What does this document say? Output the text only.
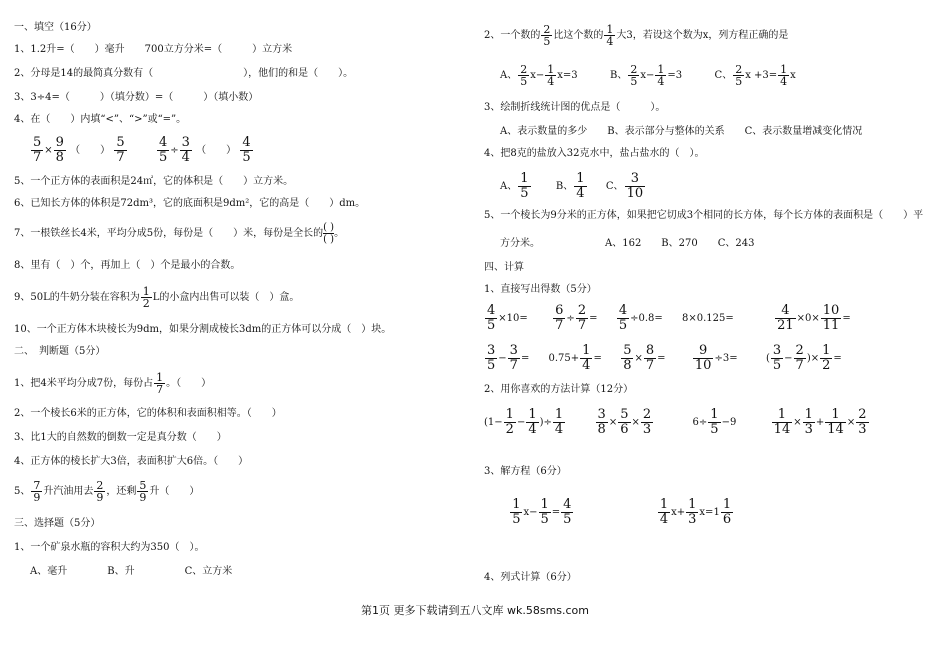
一、填空（16分）
1、1.2升=（　　）毫升　　700立方分米=（　　　）立方米
2、分母是14的最简真分数有（　　　　　　　　　），他们的和是（　　）。
3、3÷4=（　　　）（填分数）=（　　　）（填小数）
4、在（　　）内填“<”、“>”或“=”。
$\frac{5}{7} \times \frac{9}{8}$ （　　） $\frac{5}{7}$
$\frac{4}{5} \div \frac{3}{4}$ （　　） $\frac{4}{5}$
5、一个正方体的表面积是24㎡，它的体积是（　　）立方米。
6、已知长方体的体积是72dm³，它的底面积是9dm²，它的高是（　　）dm。
7、一根铁丝长4米，平均分成5份，每份是（　　）米，每份是全长的 $\frac{( )}{( )}$ 。
8、里有（　）个，再加上（　）个是最小的合数。
9、50L的牛奶分装在容积为 $\frac{1}{2}$ L的小盒内出售可以装（　）盒。
10、一个正方体木块棱长为9dm，如果分割成棱长3dm的正方体可以分成（　）块。
二、　判断题（5分）
1、把4米平均分成7份，每份占 $\frac{1}{7}$ 。（　　）
2、一个棱长6米的正方体，它的体积和表面积相等。（　　）
3、比1大的自然数的倒数一定是真分数（　　）
4、正方体的棱长扩大3倍，表面积扩大6倍。（　　）
5、 $\frac{7}{9}$ 升汽油用去 $\frac{2}{9}$ ，还剩 $\frac{5}{9}$ 升（　　）
三、选择题（5分）
1、一个矿泉水瓶的容积大约为350（　）。
A、毫升　　　　B、升　　　　　C、立方米
2、一个数的 $\frac{2}{5}$ 比这个数的 $\frac{1}{4}$ 大3，若设这个数为x，列方程正确的是
A、 $\frac{2}{5} x- \frac{1}{4} x=3$	B、 $\frac{2}{5} x- \frac{1}{4} =3$	C、 $\frac{2}{5}$ $x +3= \frac{1}{4}$ x
3、绘制折线统计图的优点是（　　　）。
A、表示数量的多少　　B、表示部分与整体的关系　　C、表示数量增减变化情况
4、把8克的盐放入32克水中，盐占盐水的（　）。
A、 $\frac{1}{5}$	B、 $\frac{1}{4}$ C、 $\frac{3}{10}$
5、一个棱长为9分米的正方体，如果把它切成3个相同的长方体，每个长方体的表面积是（　　）平
方分米。　　　　　　　A、162　　B、270　　C、243
四、计算
1、直接写出得数（5分）
$\frac{4}{5} \times 10= \frac{6}{7} \div \frac{2}{7} = \frac{4}{5} \div 0.8= 8\times 0.125=$	$\frac{4}{21} \times 0\times \frac{10}{11}$ =
$\frac{3}{5} - \frac{3}{7} = 0.75+ \frac{1}{4} = \frac{5}{8} \times \frac{8}{7} = \frac{9}{10} \div 3=$  ( $\frac{3}{5} - \frac{2}{7}$ )× $\frac{1}{2}$ =
2、用你喜欢的方法计算（12分）
($1- \frac{1}{2} - \frac{1}{4}$ )÷ $\frac{1}{4}$
$\frac{3}{8} \times \frac{5}{6} \times \frac{2}{3}$	$6\div \frac{1}{5} -9 \frac{1}{14} \times \frac{1}{3} + \frac{1}{14} \times \frac{2}{3}$
3、解方程（6分）

$\frac{1}{5} x- \frac{1}{5} = \frac{4}{5}$
	$\frac{1}{4} x+ \frac{1}{3} x=1 \frac{1}{6}$
4、列式计算（6分）
第1页 更多下载请到五八文库 wk.58sms.com
